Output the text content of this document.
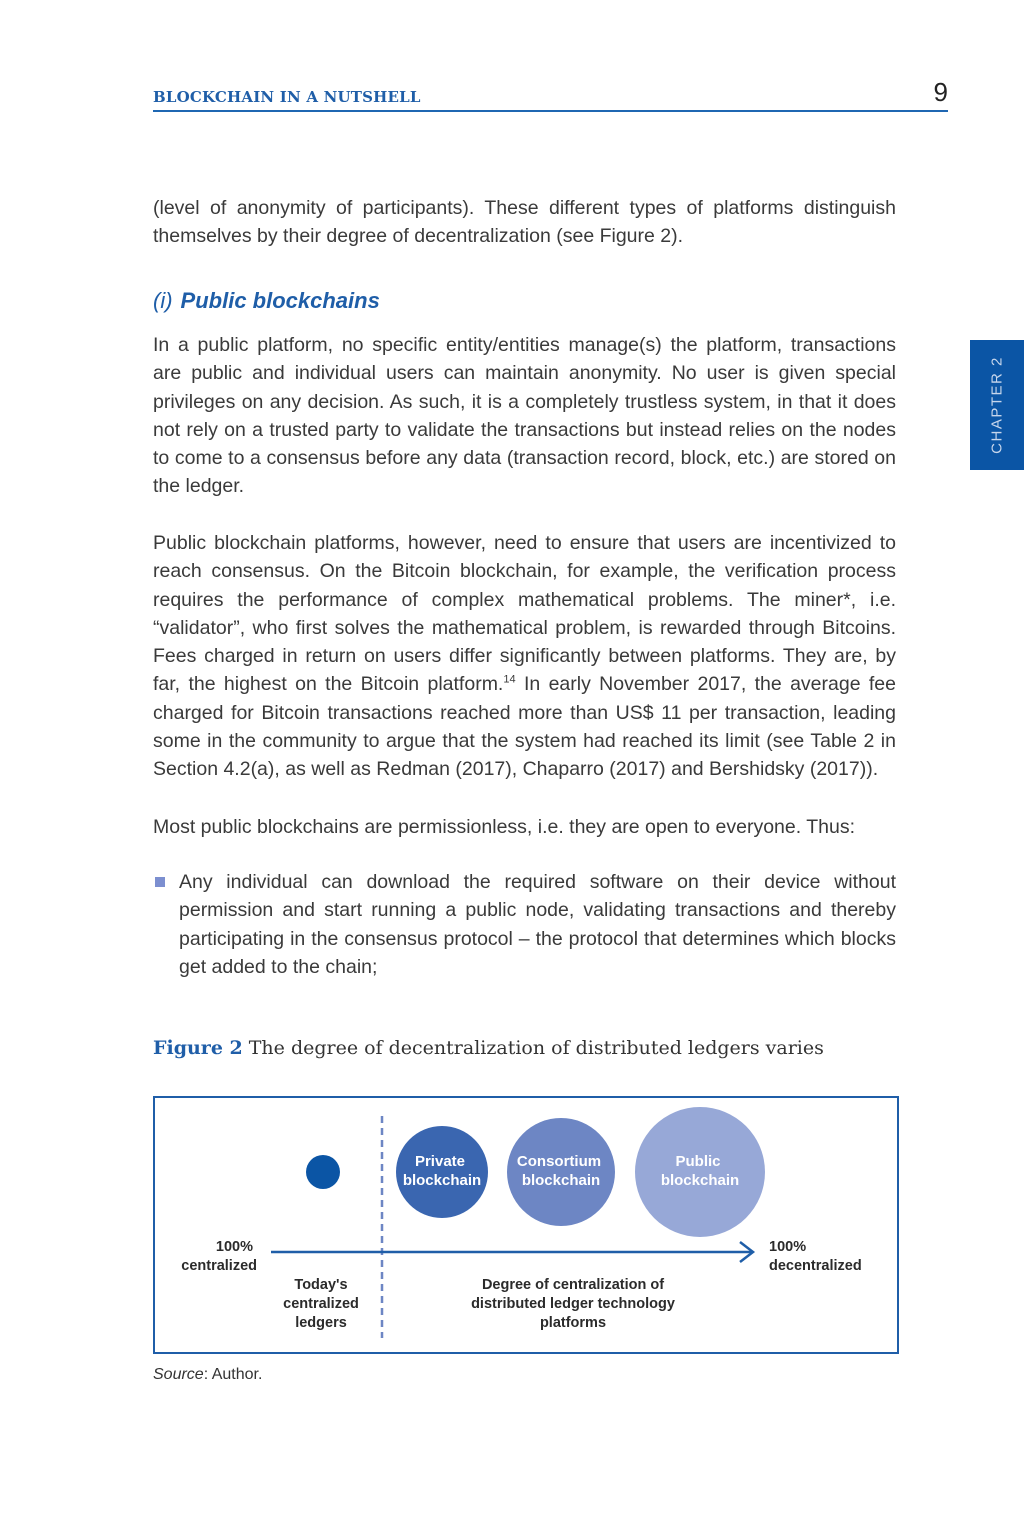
BLOCKCHAIN IN A NUTSHELL	9
CHAPTER 2
(level of anonymity of participants). These different types of platforms distinguish themselves by their degree of decentralization (see Figure 2).
(i) Public blockchains
In a public platform, no specific entity/entities manage(s) the platform, transactions are public and individual users can maintain anonymity. No user is given special privileges on any decision. As such, it is a completely trustless system, in that it does not rely on a trusted party to validate the transactions but instead relies on the nodes to come to a consensus before any data (transaction record, block, etc.) are stored on the ledger.
Public blockchain platforms, however, need to ensure that users are incentivized to reach consensus. On the Bitcoin blockchain, for example, the verification process requires the performance of complex mathematical problems. The miner*, i.e. “validator”, who first solves the mathematical problem, is rewarded through Bitcoins. Fees charged in return on users differ significantly between platforms. They are, by far, the highest on the Bitcoin platform.$^{14}$ In early November 2017, the average fee charged for Bitcoin transactions reached more than US$ 11 per transaction, leading some in the community to argue that the system had reached its limit (see Table 2 in Section 4.2(a), as well as Redman (2017), Chaparro (2017) and Bershidsky (2017)).
Most public blockchains are permissionless, i.e. they are open to everyone. Thus:
Any individual can download the required software on their device without permission and start running a public node, validating transactions and thereby participating in the consensus protocol – the protocol that determines which blocks get added to the chain;
Figure 2 The degree of decentralization of distributed ledgers varies
Private
blockchain
Consortium
blockchain
Public
blockchain
100%
centralized
100%
decentralized
Today's
centralized
ledgers
Degree of centralization of
distributed ledger technology
platforms
Source: Author.
